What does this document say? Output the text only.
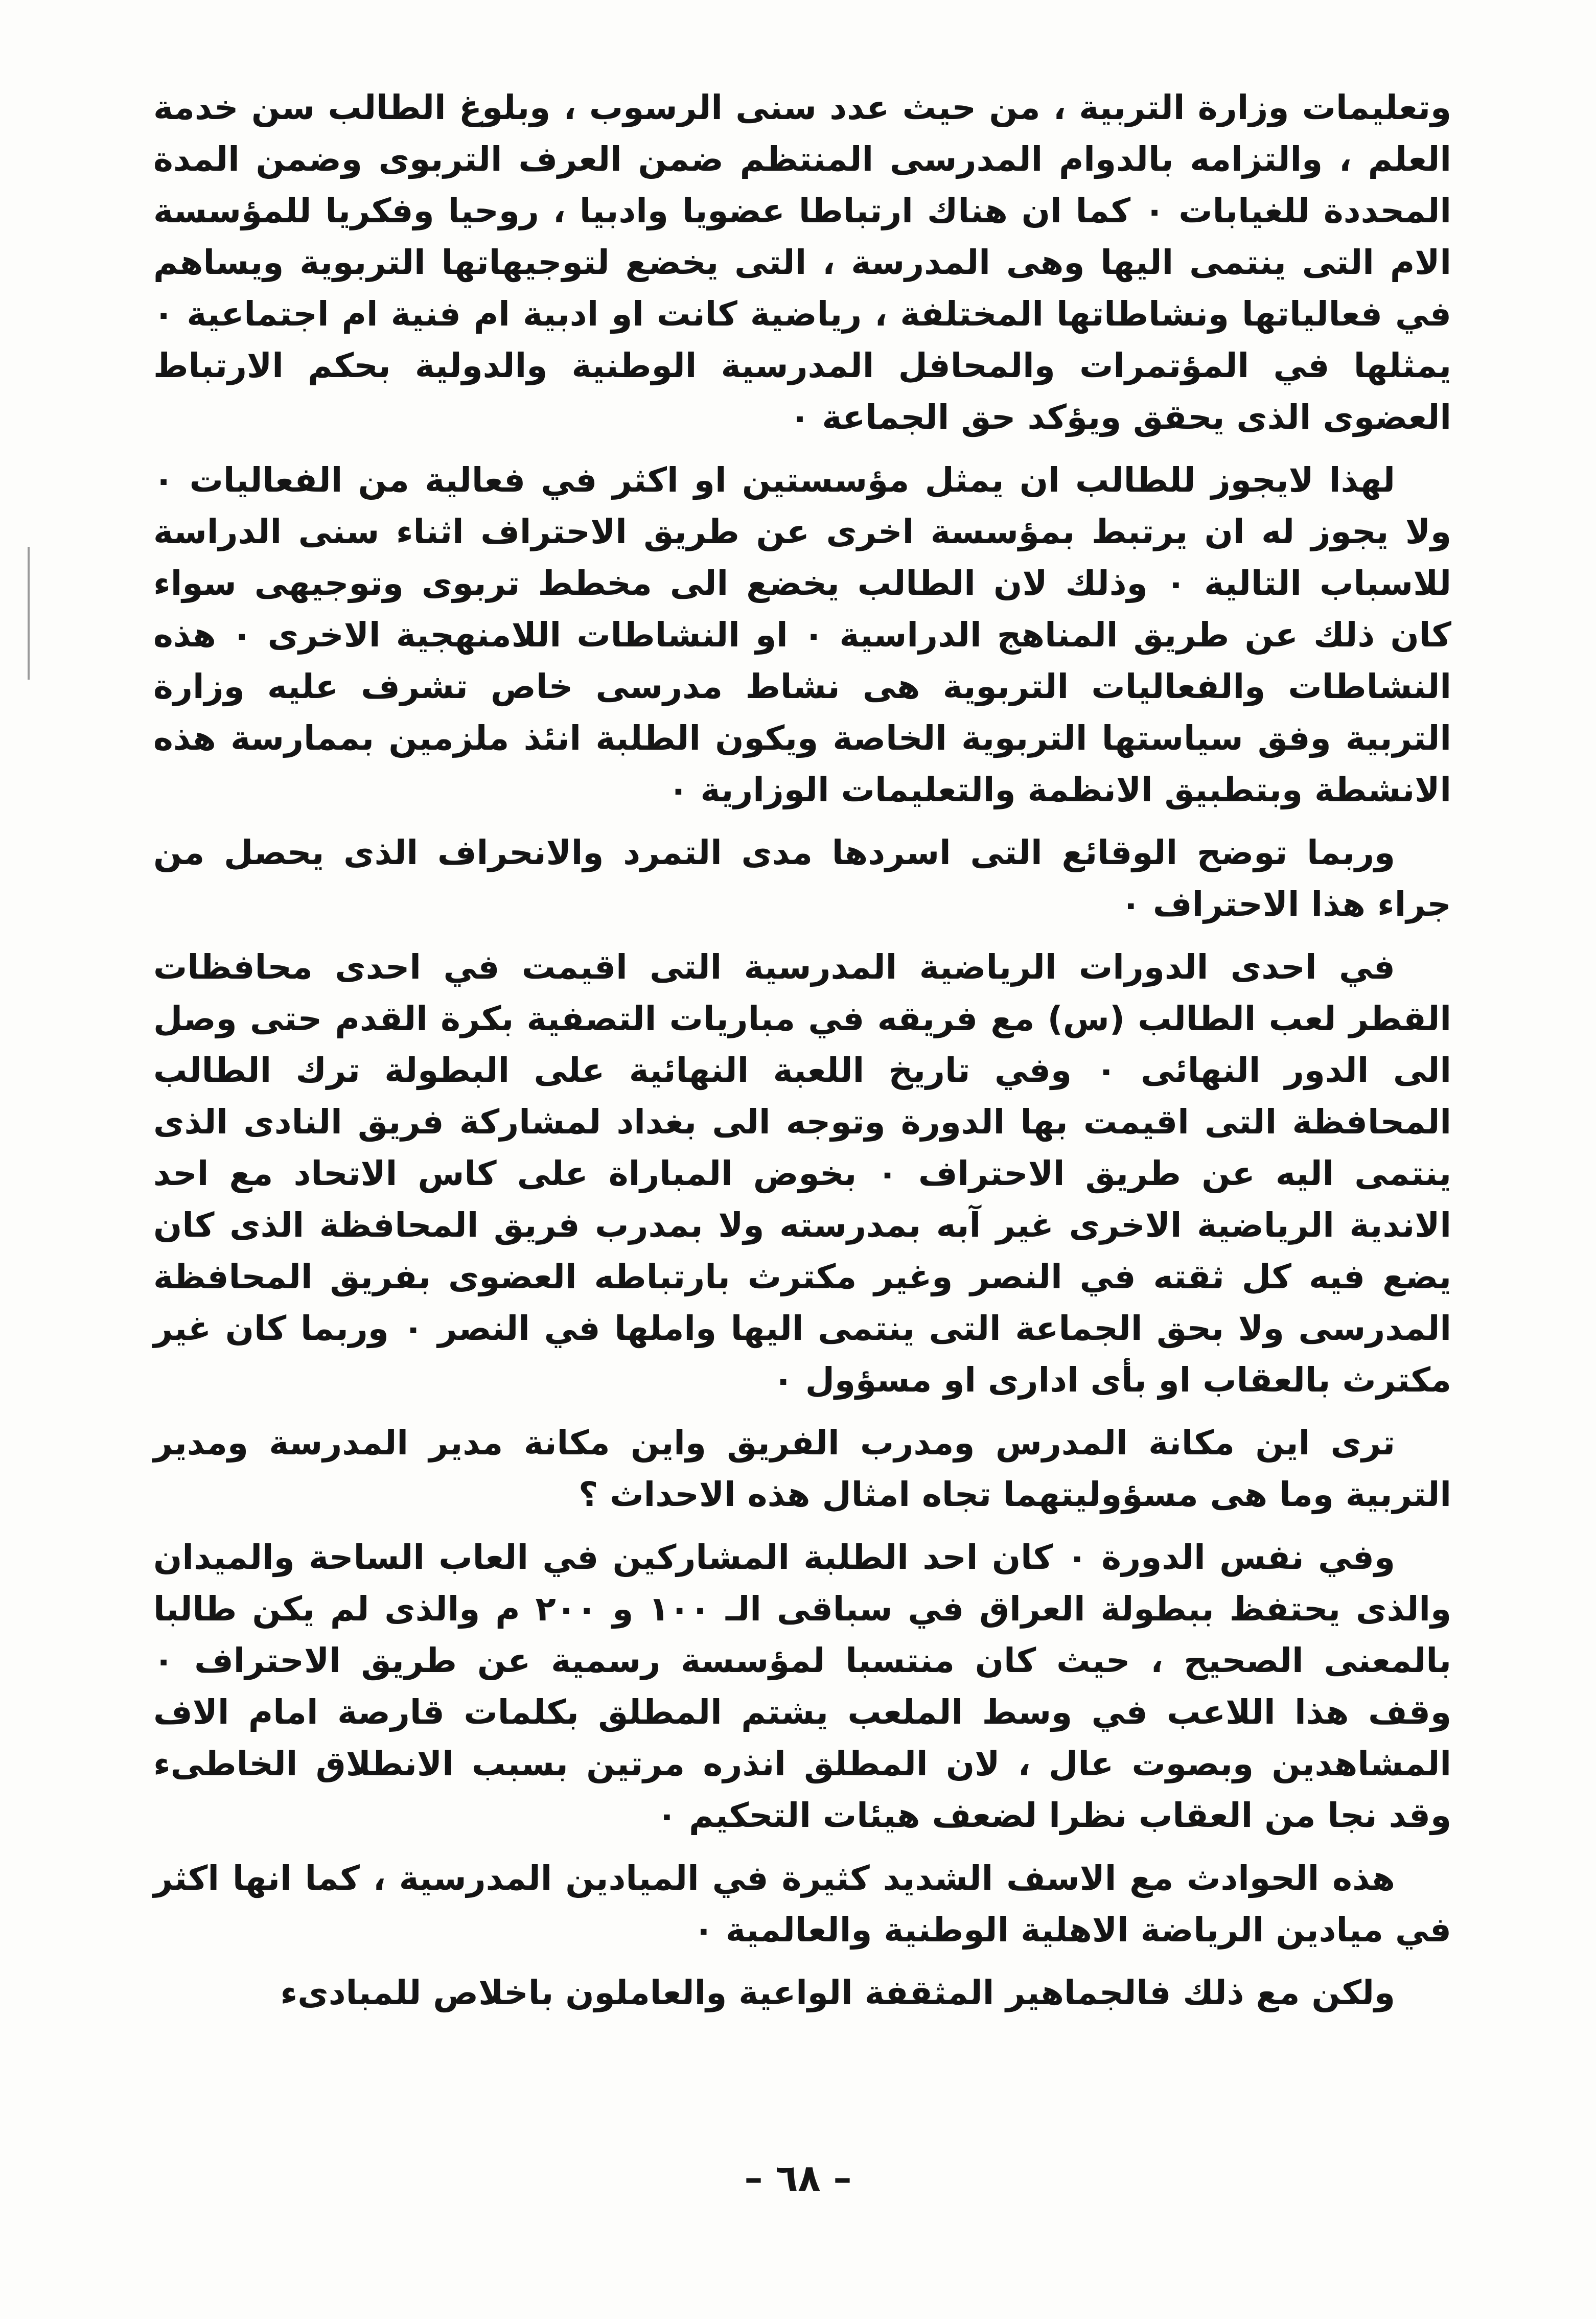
وتعليمات وزارة التربية ، من حيث عدد سنى الرسوب ، وبلوغ الطالب سن خدمة العلم ، والتزامه بالدوام المدرسى المنتظم ضمن العرف التربوى وضمن المدة المحددة للغيابات ٠ كما ان هناك ارتباطا عضويا وادبيا ، روحيا وفكريا للمؤسسة الام التى ينتمى اليها وهى المدرسة ، التى يخضع لتوجيهاتها التربوية ويساهم في فعالياتها ونشاطاتها المختلفة ، رياضية كانت او ادبية ام فنية ام اجتماعية ٠ يمثلها في المؤتمرات والمحافل المدرسية الوطنية والدولية بحكم الارتباط العضوى الذى يحقق ويؤكد حق الجماعة ٠

لهذا لايجوز للطالب ان يمثل مؤسستين او اكثر في فعالية من الفعاليات ٠ ولا يجوز له ان يرتبط بمؤسسة اخرى عن طريق الاحتراف اثناء سنى الدراسة للاسباب التالية ٠ وذلك لان الطالب يخضع الى مخطط تربوى وتوجيهى سواء كان ذلك عن طريق المناهج الدراسية ٠ او النشاطات اللامنهجية الاخرى ٠ هذه النشاطات والفعاليات التربوية هى نشاط مدرسى خاص تشرف عليه وزارة التربية وفق سياستها التربوية الخاصة ويكون الطلبة انئذ ملزمين بممارسة هذه الانشطة وبتطبيق الانظمة والتعليمات الوزارية ٠

وربما توضح الوقائع التى اسردها مدى التمرد والانحراف الذى يحصل من جراء هذا الاحتراف ٠

في احدى الدورات الرياضية المدرسية التى اقيمت في احدى محافظات القطر لعب الطالب (س) مع فريقه في مباريات التصفية بكرة القدم حتى وصل الى الدور النهائى ٠ وفي تاريخ اللعبة النهائية على البطولة ترك الطالب المحافظة التى اقيمت بها الدورة وتوجه الى بغداد لمشاركة فريق النادى الذى ينتمى اليه عن طريق الاحتراف ٠ بخوض المباراة على كاس الاتحاد مع احد الاندية الرياضية الاخرى غير آبه بمدرسته ولا بمدرب فريق المحافظة الذى كان يضع فيه كل ثقته في النصر وغير مكترث بارتباطه العضوى بفريق المحافظة المدرسى ولا بحق الجماعة التى ينتمى اليها واملها في النصر ٠ وربما كان غير مكترث بالعقاب او بأى ادارى او مسؤول ٠

ترى اين مكانة المدرس ومدرب الفريق واين مكانة مدير المدرسة ومدير التربية وما هى مسؤوليتهما تجاه امثال هذه الاحداث ؟

وفي نفس الدورة ٠ كان احد الطلبة المشاركين في العاب الساحة والميدان والذى يحتفظ ببطولة العراق في سباقى الـ ١٠٠ و ٢٠٠ م والذى لم يكن طالبا بالمعنى الصحيح ، حيث كان منتسبا لمؤسسة رسمية عن طريق الاحتراف ٠ وقف هذا اللاعب في وسط الملعب يشتم المطلق بكلمات قارصة امام الاف المشاهدين وبصوت عال ، لان المطلق انذره مرتين بسبب الانطلاق الخاطىء وقد نجا من العقاب نظرا لضعف هيئات التحكيم ٠

هذه الحوادث مع الاسف الشديد كثيرة في الميادين المدرسية ، كما انها اكثر في ميادين الرياضة الاهلية الوطنية والعالمية ٠

ولكن مع ذلك فالجماهير المثقفة الواعية والعاملون باخلاص للمبادىء

– ٦٨ –
